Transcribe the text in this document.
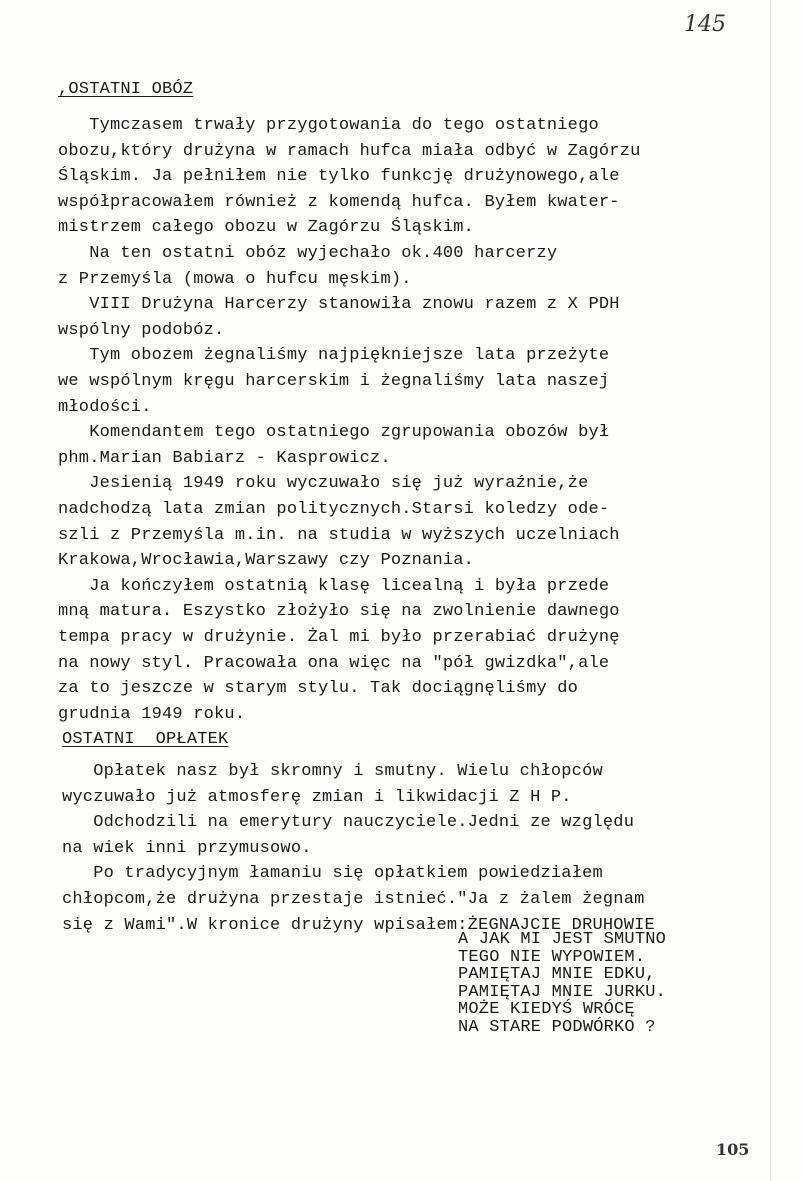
145
,OSTATNI OBÓZ
Tymczasem trwały przygotowania do tego ostatniego
obozu,który drużyna w ramach hufca miała odbyć w Zagórzu
Śląskim. Ja pełniłem nie tylko funkcję drużynowego,ale
współpracowałem również z komendą hufca. Byłem kwater-
mistrzem całego obozu w Zagórzu Śląskim.
Na ten ostatni obóz wyjechało ok.400 harcerzy
z Przemyśla (mowa o hufcu męskim).
VIII Drużyna Harcerzy stanowiła znowu razem z X PDH
wspólny podobóz.
Tym obozem żegnaliśmy najpiękniejsze lata przeżyte
we wspólnym kręgu harcerskim i żegnaliśmy lata naszej
młodości.
Komendantem tego ostatniego zgrupowania obozów był
phm.Marian Babiarz - Kasprowicz.
Jesienią 1949 roku wyczuwało się już wyraźnie,że
nadchodzą lata zmian politycznych.Starsi koledzy ode-
szli z Przemyśla m.in. na studia w wyższych uczelniach
Krakowa,Wrocławia,Warszawy czy Poznania.
Ja kończyłem ostatnią klasę licealną i była przede
mną matura. Eszystko złożyło się na zwolnienie dawnego
tempa pracy w drużynie. Żal mi było przerabiać drużynę
na nowy styl. Pracowała ona więc na "pół gwizdka",ale
za to jeszcze w starym stylu. Tak dociągnęliśmy do
grudnia 1949 roku.
OSTATNI  OPŁATEK
Opłatek nasz był skromny i smutny. Wielu chłopców
wyczuwało już atmosferę zmian i likwidacji Z H P.
Odchodzili na emerytury nauczyciele.Jedni ze względu
na wiek inni przymusowo.
Po tradycyjnym łamaniu się opłatkiem powiedziałem
chłopcom,że drużyna przestaje istnieć."Ja z żalem żegnam
się z Wami".W kronice drużyny wpisałem:ŻEGNAJCIE DRUHOWIE
A JAK MI JEST SMUTNO
TEGO NIE WYPOWIEM.
PAMIĘTAJ MNIE EDKU,
PAMIĘTAJ MNIE JURKU.
MOŻE KIEDYŚ WRÓCĘ
NA STARE PODWÓRKO ?
105
